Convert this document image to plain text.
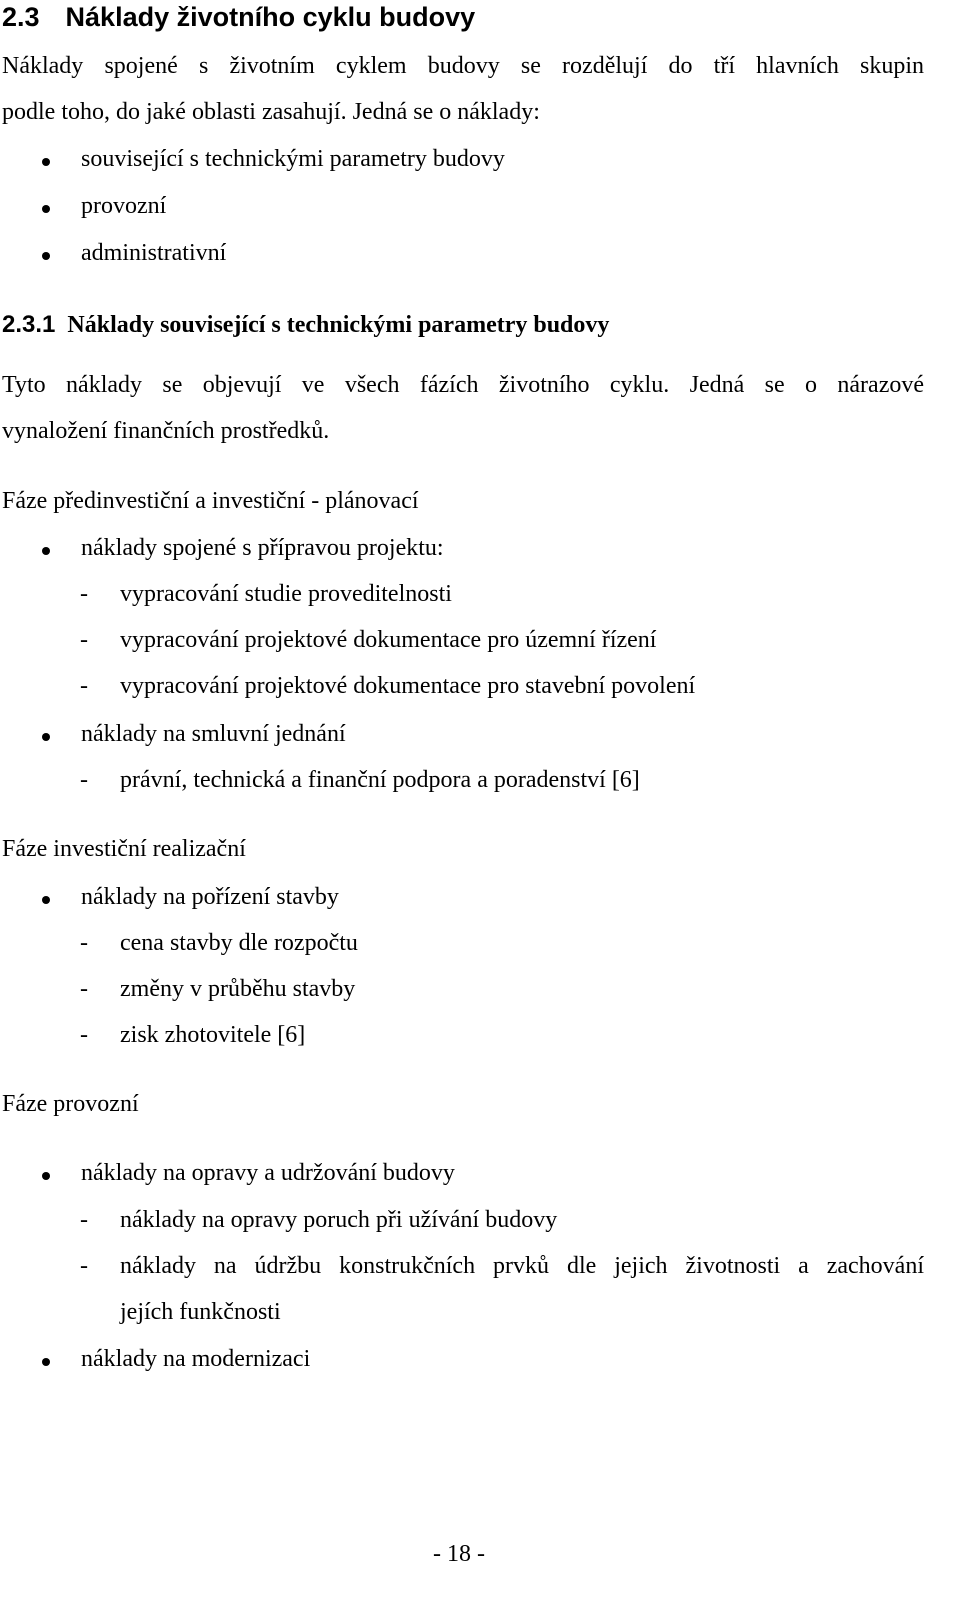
2.3 Náklady životního cyklu budovy
Náklady spojené s životním cyklem budovy se rozdělují do tří hlavních skupin
podle toho, do jaké oblasti zasahují. Jedná se o náklady:
související s technickými parametry budovy
provozní
administrativní
2.3.1 Náklady související s technickými parametry budovy
Tyto náklady se objevují ve všech fázích životního cyklu. Jedná se o nárazové
vynaložení finančních prostředků.
Fáze předinvestiční a investiční - plánovací
náklady spojené s přípravou projektu:
- vypracování studie proveditelnosti
- vypracování projektové dokumentace pro územní řízení
- vypracování projektové dokumentace pro stavební povolení
náklady na smluvní jednání
- právní, technická a finanční podpora a poradenství [6]
Fáze investiční realizační
náklady na pořízení stavby
- cena stavby dle rozpočtu
- změny v průběhu stavby
- zisk zhotovitele [6]
Fáze provozní
náklady na opravy a udržování budovy
- náklady na opravy poruch při užívání budovy
- náklady na údržbu konstrukčních prvků dle jejich životnosti a zachování
jejích funkčnosti
náklady na modernizaci
- 18 -
